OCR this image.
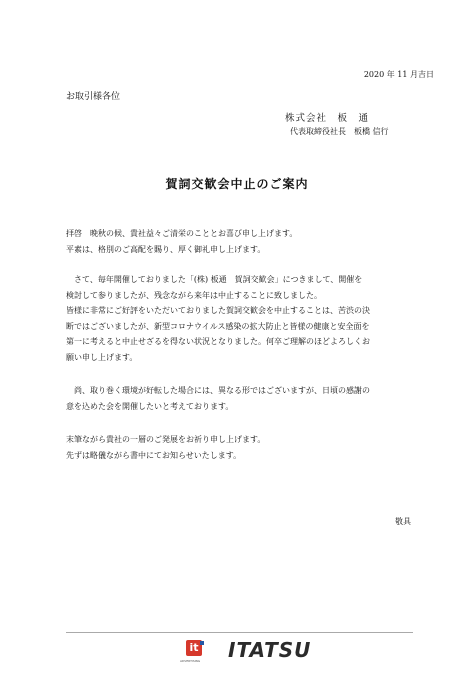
2020 年 11 月吉日
お取引様各位
株式会社　板　通
代表取締役社長　板橋 信行
賀詞交歓会中止のご案内

拝啓　晩秋の候、貴社益々ご清栄のこととお喜び申し上げます。

平素は、格別のご高配を賜り、厚く御礼申し上げます。

さて、毎年開催しておりました「(株) 板通　賀詞交歓会」につきまして、開催を

検討して参りましたが、残念ながら来年は中止することに致しました。

皆様に非常にご好評をいただいておりました賀詞交歓会を中止することは、苦渋の決

断ではございましたが、新型コロナウイルス感染の拡大防止と皆様の健康と安全面を

第一に考えると中止せざるを得ない状況となりました。何卒ご理解のほどよろしくお

願い申し上げます。

尚、取り巻く環境が好転した場合には、異なる形ではございますが、日頃の感謝の

意を込めた会を開催したいと考えております。

末筆ながら貴社の一層のご発展をお祈り申し上げます。

先ずは略儀ながら書中にてお知らせいたします。

敬具
it
ADVERTISING ITATSU
